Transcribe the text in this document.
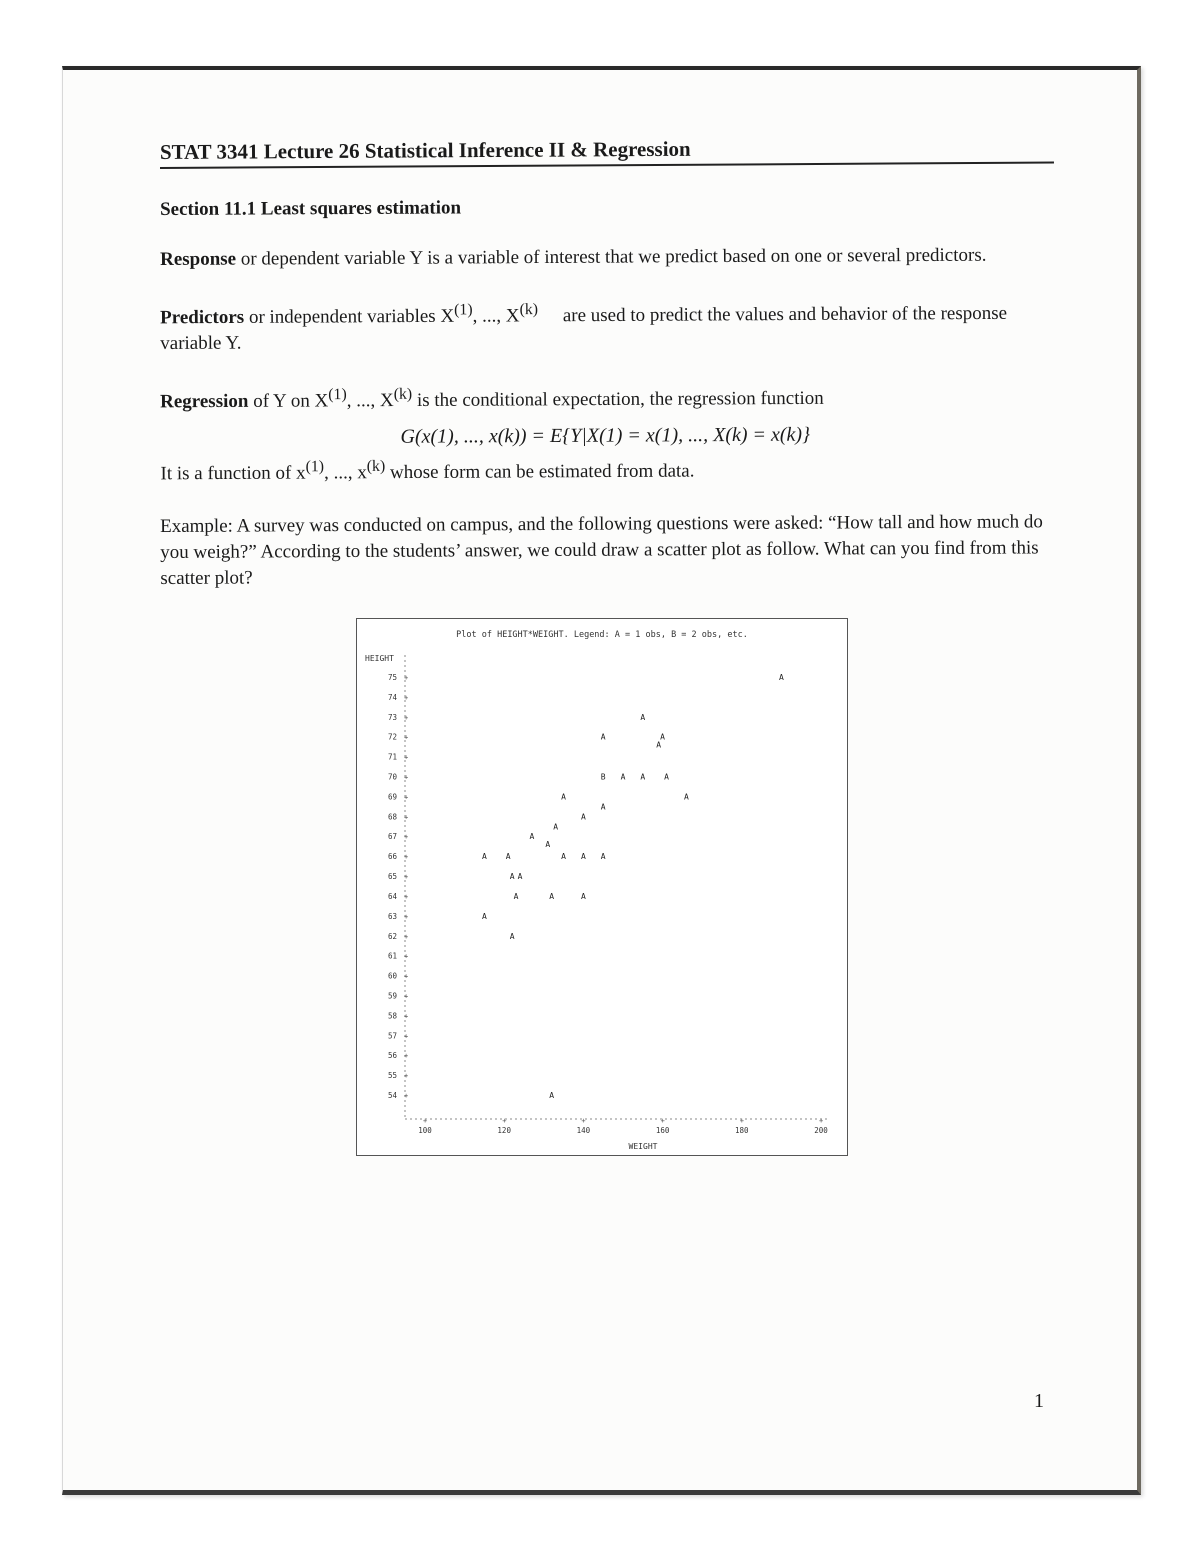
STAT 3341 Lecture 26 Statistical Inference II & Regression
Section 11.1 Least squares estimation
Response or dependent variable Y is a variable of interest that we predict based on one or several predictors.
Predictors or independent variables $X^{(1)}$, ..., $X^{(k)}$ are used to predict the values and behavior of the response variable Y.
Regression of Y on $X^{(1)}$, ..., $X^{(k)}$ is the conditional expectation, the regression function
G(x(1), ..., x(k)) = E{Y|X(1) = x(1), ..., X(k) = x(k)}
It is a function of $x^{(1)}$, ..., $x^{(k)}$ whose form can be estimated from data.
Example: A survey was conducted on campus, and the following questions were asked: “How tall and how much do you weigh?” According to the students’ answer, we could draw a scatter plot as follow. What can you find from this scatter plot?
Plot of HEIGHT*WEIGHT. Legend: A = 1 obs, B = 2 obs, etc.
HEIGHT
75 +
74 +
73 +
72 +
71 +
70 +
69 +
68 +
67 +
66 +
65 +
64 +
63 +
62 +
61 +
60 +
59 +
58 +
57 +
56 +
55 +
54 +
+
100
+
120
+
140
+
160
+
180
+
200
WEIGHT
A
A
A	A
A
B A A A
A	A
A
A
A
A
A
A A	A A A
A A
A	A	A
A
A
A
1
